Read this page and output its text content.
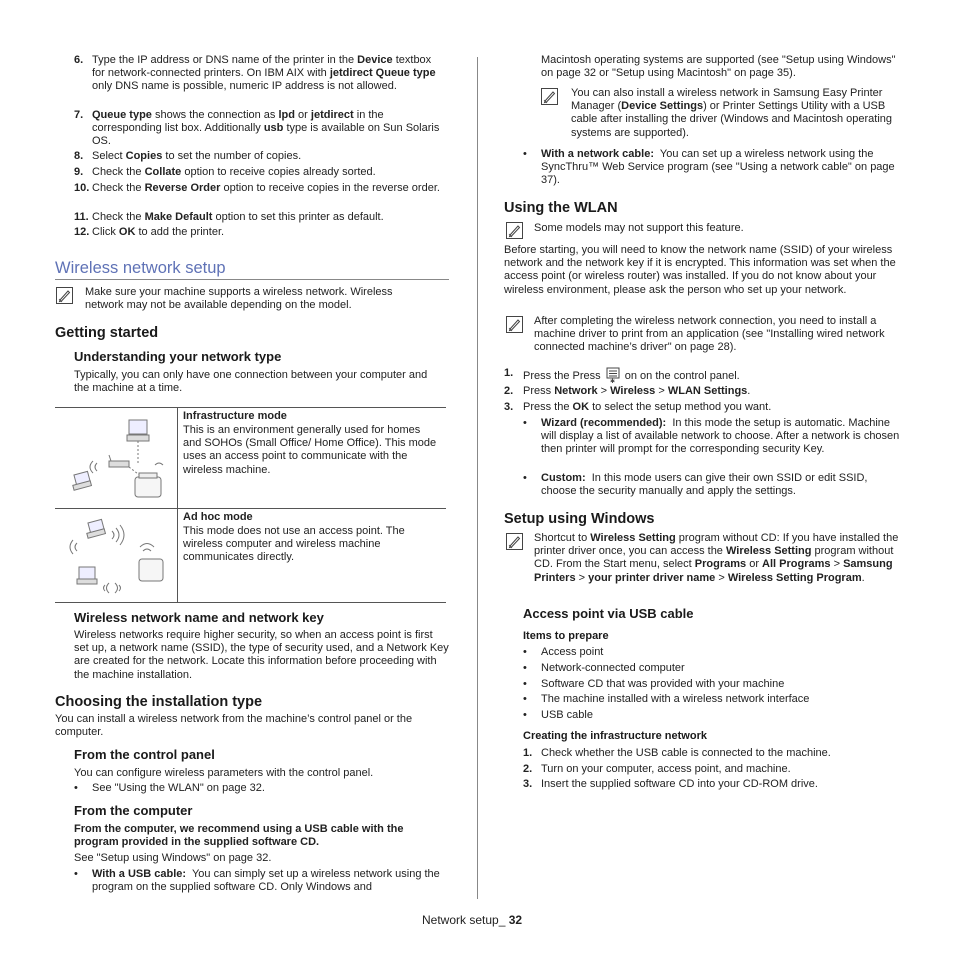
6. Type the IP address or DNS name of the printer in the Device textbox for network-connected printers. On IBM AIX with jetdirect Queue type only DNS name is possible, numeric IP address is not allowed.
7. Queue type shows the connection as lpd or jetdirect in the corresponding list box. Additionally usb type is available on Sun Solaris OS.
8. Select Copies to set the number of copies.
9. Check the Collate option to receive copies already sorted.
10. Check the Reverse Order option to receive copies in the reverse order.
11. Check the Make Default option to set this printer as default.
12. Click OK to add the printer.
Wireless network setup
Make sure your machine supports a wireless network. Wireless network may not be available depending on the model.
Getting started
Understanding your network type
Typically, you can only have one connection between your computer and the machine at a time.
Infrastructure mode
This is an environment generally used for homes and SOHOs (Small Office/ Home Office). This mode uses an access point to communicate with the wireless machine.
Ad hoc mode
This mode does not use an access point. The wireless computer and wireless machine communicates directly.
Wireless network name and network key
Wireless networks require higher security, so when an access point is first set up, a network name (SSID), the type of security used, and a Network Key are created for the network. Locate this information before proceeding with the machine installation.
Choosing the installation type
You can install a wireless network from the machine’s control panel or the computer.
From the control panel
You can configure wireless parameters with the control panel.
• See "Using the WLAN" on page 32.
From the computer
From the computer, we recommend using a USB cable with the program provided in the supplied software CD.
See "Setup using Windows" on page 32.
• With a USB cable: You can simply set up a wireless network using the program on the supplied software CD. Only Windows and
Macintosh operating systems are supported (see "Setup using Windows" on page 32 or "Setup using Macintosh" on page 35).
You can also install a wireless network in Samsung Easy Printer Manager (Device Settings) or Printer Settings Utility with a USB cable after installing the driver (Windows and Macintosh operating systems are supported).
• With a network cable: You can set up a wireless network using the SyncThru™ Web Service program (see "Using a network cable" on page 37).
Using the WLAN
Some models may not support this feature.
Before starting, you will need to know the network name (SSID) of your wireless network and the network key if it is encrypted. This information was set when the access point (or wireless router) was installed. If you do not know about your wireless environment, please ask the person who set up your network.
After completing the wireless network connection, you need to install a machine driver to print from an application (see "Installing wired network connected machine’s driver" on page 28).
1. Press the Press ✱ on on the control panel.
2. Press Network > Wireless > WLAN Settings.
3. Press the OK to select the setup method you want.
• Wizard (recommended): In this mode the setup is automatic. Machine will display a list of available network to choose. After a network is chosen then printer will prompt for the corresponding security Key.
• Custom: In this mode users can give their own SSID or edit SSID, choose the security manually and apply the settings.
Setup using Windows
Shortcut to Wireless Setting program without CD: If you have installed the printer driver once, you can access the Wireless Setting program without CD. From the Start menu, select Programs or All Programs > Samsung Printers > your printer driver name > Wireless Setting Program.
Access point via USB cable
Items to prepare
• Access point
• Network-connected computer
• Software CD that was provided with your machine
• The machine installed with a wireless network interface
• USB cable
Creating the infrastructure network
1. Check whether the USB cable is connected to the machine.
2. Turn on your computer, access point, and machine.
3. Insert the supplied software CD into your CD-ROM drive.
Network setup_ 32
